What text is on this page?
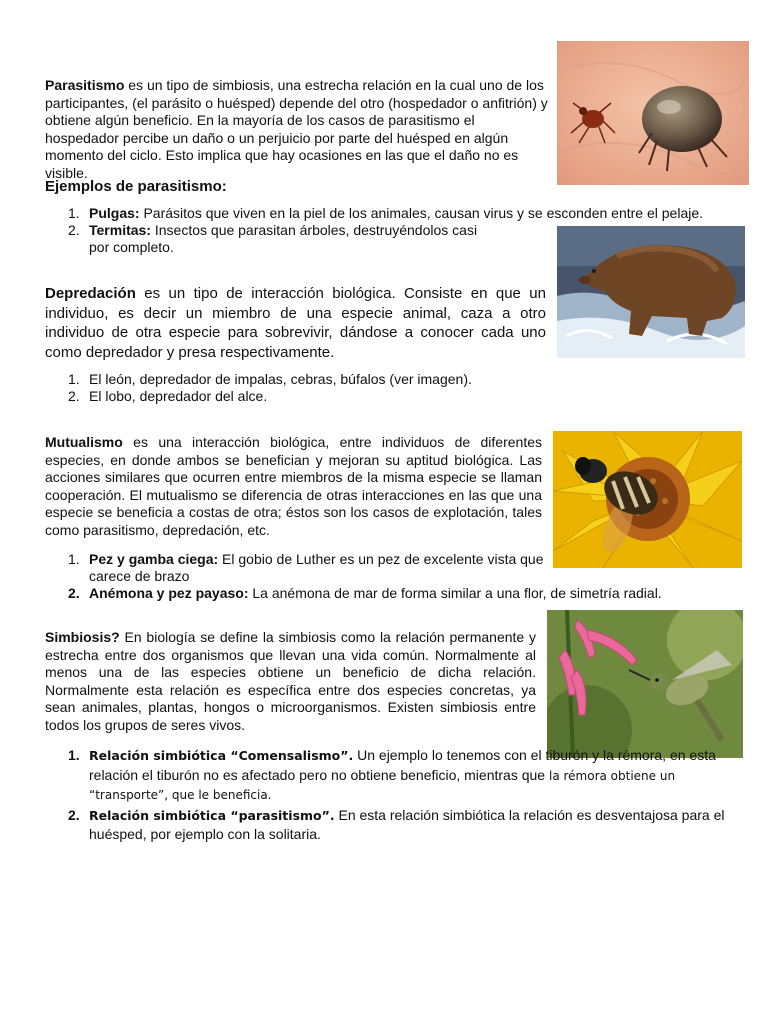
Parasitismo es un tipo de simbiosis, una estrecha relación en la cual uno de los participantes, (el parásito o huésped) depende del otro (hospedador o anfitrión) y obtiene algún beneficio. En la mayoría de los casos de parasitismo el hospedador percibe un daño o un perjuicio por parte del huésped en algún momento del ciclo. Esto implica que hay ocasiones en las que el daño no es visible.

Ejemplos de parasitismo:
1. Pulgas: Parásitos que viven en la piel de los animales, causan virus y se esconden entre el pelaje.
2. Termitas: Insectos que parasitan árboles, destruyéndolos casi por completo.

Depredación es un tipo de interacción biológica. Consiste en que un individuo, es decir un miembro de una especie animal, caza a otro individuo de otra especie para sobrevivir, dándose a conocer cada uno como depredador y presa respectivamente.

1. El león, depredador de impalas, cebras, búfalos (ver imagen).
2. El lobo, depredador del alce.

Mutualismo es una interacción biológica, entre individuos de diferentes especies, en donde ambos se benefician y mejoran su aptitud biológica. Las acciones similares que ocurren entre miembros de la misma especie se llaman cooperación. El mutualismo se diferencia de otras interacciones en las que una especie se beneficia a costas de otra; éstos son los casos de explotación, tales como parasitismo, depredación, etc.

1. Pez y gamba ciega: El gobio de Luther es un pez de excelente vista que carece de brazo
2. Anémona y pez payaso: La anémona de mar de forma similar a una flor, de simetría radial.

Simbiosis? En biología se define la simbiosis como la relación permanente y estrecha entre dos organismos que llevan una vida común. Normalmente al menos una de las especies obtiene un beneficio de dicha relación. Normalmente esta relación es específica entre dos especies concretas, ya sean animales, plantas, hongos o microorganismos. Existen simbiosis entre todos los grupos de seres vivos.

1. Relación simbiótica “Comensalismo”. Un ejemplo lo tenemos con el tiburón y la rémora, en esta relación el tiburón no es afectado pero no obtiene beneficio, mientras que la rémora obtiene un “transporte”, que le beneficia.
2. Relación simbiótica “parasitismo”. En esta relación simbiótica la relación es desventajosa para el huésped, por ejemplo con la solitaria.
